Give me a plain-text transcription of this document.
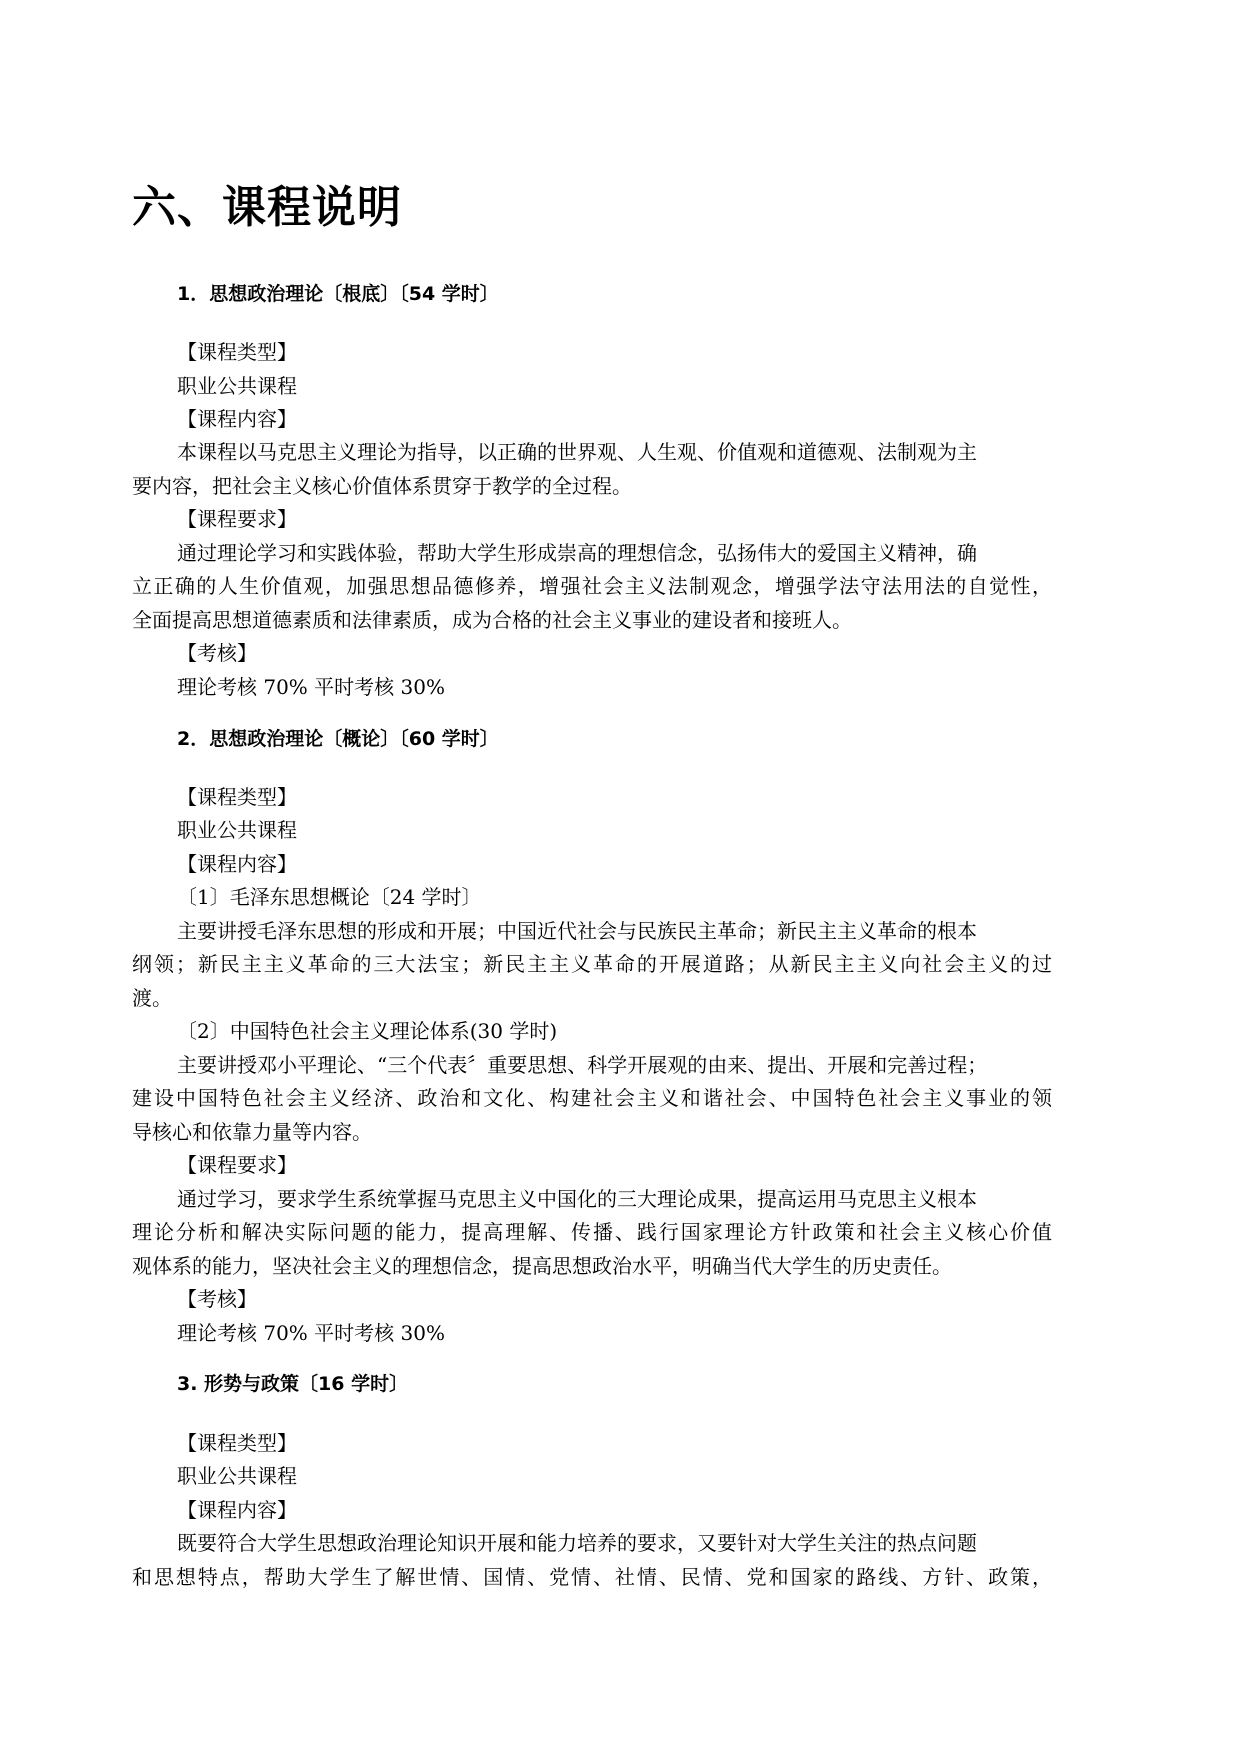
六、课程说明

1．思想政治理论〔根底〕〔54 学时〕

【课程类型】

职业公共课程

【课程内容】

本课程以马克思主义理论为指导，以正确的世界观、人生观、价值观和道德观、法制观为主

要内容，把社会主义核心价值体系贯穿于教学的全过程。

【课程要求】

通过理论学习和实践体验，帮助大学生形成崇高的理想信念，弘扬伟大的爱国主义精神，确

立正确的人生价值观，加强思想品德修养，增强社会主义法制观念，增强学法守法用法的自觉性，

全面提高思想道德素质和法律素质，成为合格的社会主义事业的建设者和接班人。

【考核】

理论考核 70% 平时考核 30%

2．思想政治理论〔概论〕〔60 学时〕

【课程类型】

职业公共课程

【课程内容】

〔1〕毛泽东思想概论〔24 学时〕

主要讲授毛泽东思想的形成和开展；中国近代社会与民族民主革命；新民主主义革命的根本

纲领；新民主主义革命的三大法宝；新民主主义革命的开展道路；从新民主主义向社会主义的过

渡。

〔2〕中国特色社会主义理论体系(30 学时)

主要讲授邓小平理论、“三个代表〞重要思想、科学开展观的由来、提出、开展和完善过程；

建设中国特色社会主义经济、政治和文化、构建社会主义和谐社会、中国特色社会主义事业的领

导核心和依靠力量等内容。

【课程要求】

通过学习，要求学生系统掌握马克思主义中国化的三大理论成果，提高运用马克思主义根本

理论分析和解决实际问题的能力，提高理解、传播、践行国家理论方针政策和社会主义核心价值

观体系的能力，坚决社会主义的理想信念，提高思想政治水平，明确当代大学生的历史责任。

【考核】

理论考核 70% 平时考核 30%

3. 形势与政策〔16 学时〕

【课程类型】

职业公共课程

【课程内容】

既要符合大学生思想政治理论知识开展和能力培养的要求，又要针对大学生关注的热点问题

和思想特点，帮助大学生了解世情、国情、党情、社情、民情、党和国家的路线、方针、政策，
